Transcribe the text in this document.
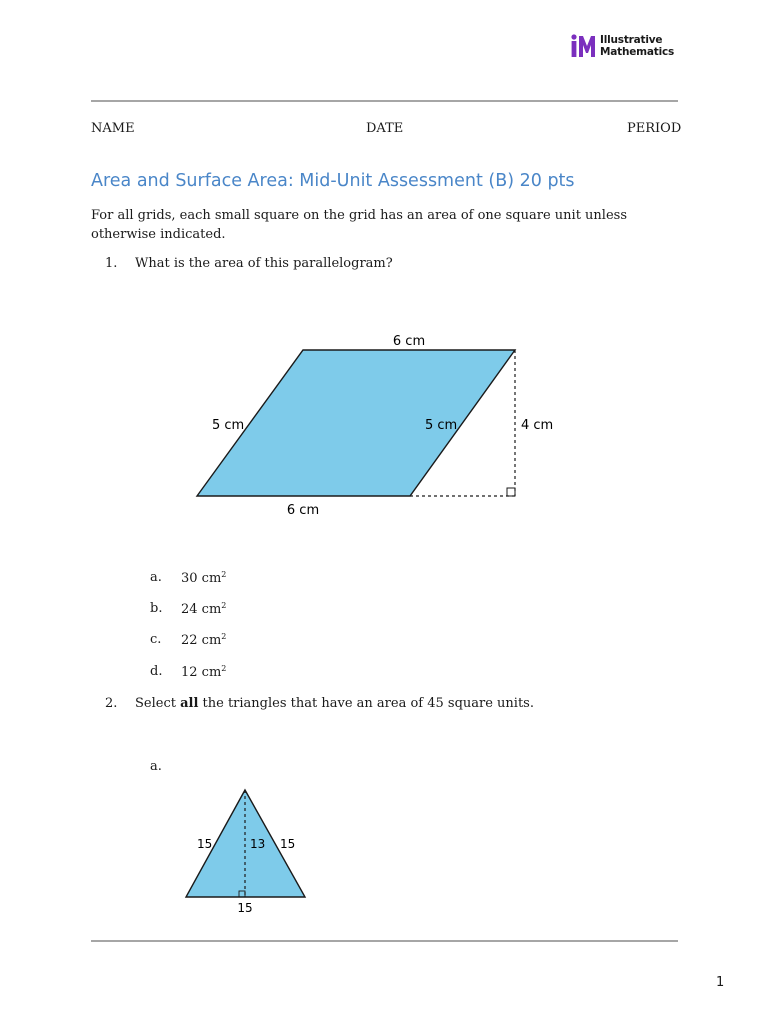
Illustrative
Mathematics
NAME	DATE	PERIOD
Area and Surface Area: Mid-Unit Assessment (B) 20 pts
For all grids, each small square on the grid has an area of one square unit unless otherwise indicated.
1. What is the area of this parallelogram?
6 cm
5 cm	5 cm	4 cm
6 cm
a. 30 $cm^2$
b. 24 $cm^2$
c. 22 $cm^2$
d. 12 $cm^2$
2. Select all the triangles that have an area of 45 square units.
a.
15	13 15
15
1
